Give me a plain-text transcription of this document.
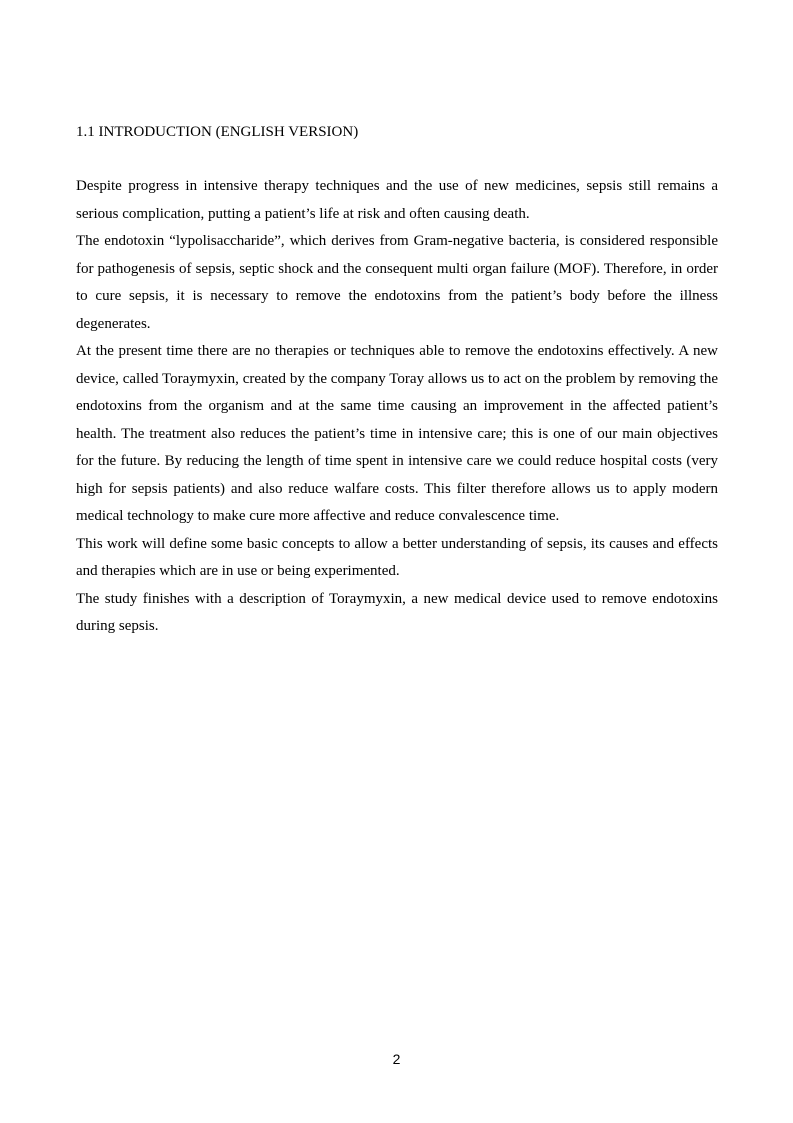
1.1 INTRODUCTION (ENGLISH VERSION)

Despite progress in intensive therapy techniques and the use of new medicines, sepsis still remains a serious complication, putting a patient’s life at risk and often causing death.

The endotoxin “lypolisaccharide”, which derives from Gram-negative bacteria, is considered responsible for pathogenesis of sepsis, septic shock and the consequent multi organ failure (MOF). Therefore, in order to cure sepsis, it is necessary to remove the endotoxins from the patient’s body before the illness degenerates.

At the present time there are no therapies or techniques able to remove the endotoxins effectively. A new device, called Toraymyxin, created by the company Toray allows us to act on the problem by removing the endotoxins from the organism and at the same time causing an improvement in the affected patient’s health. The treatment also reduces the patient’s time in intensive care; this is one of our main objectives for the future. By reducing the length of time spent in intensive care we could reduce hospital costs (very high for sepsis patients) and also reduce walfare costs. This filter therefore allows us to apply modern medical technology to make cure more affective and reduce convalescence time.

This work will define some basic concepts to allow a better understanding of sepsis, its causes and effects and therapies which are in use or being experimented.

The study finishes with a description of Toraymyxin, a new medical device used to remove endotoxins during sepsis.

2
